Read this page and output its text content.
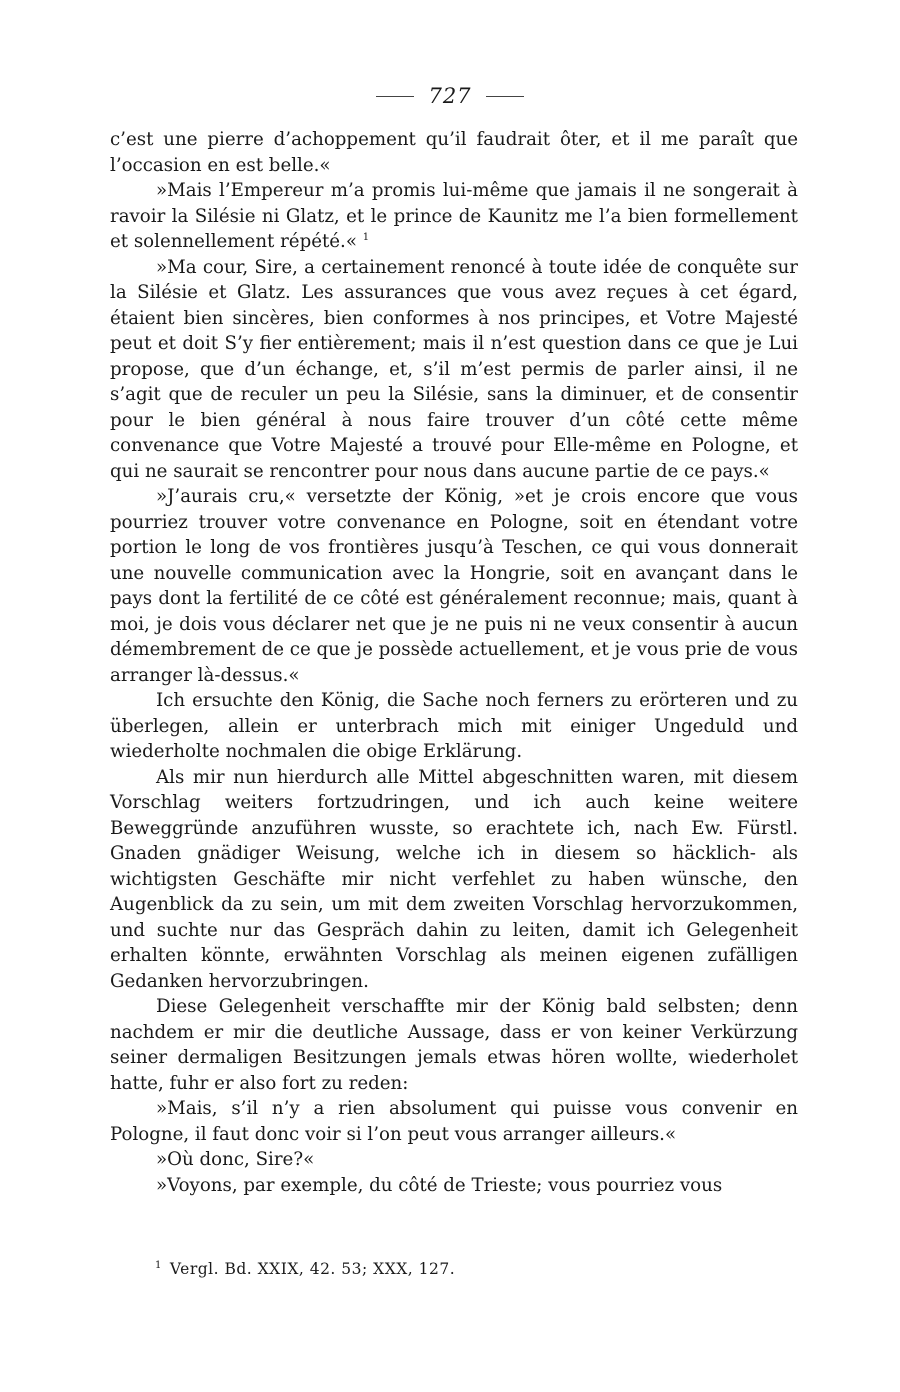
727

c’est une pierre d’achoppement qu’il faudrait ôter, et il me paraît que l’occasion en est belle.«

»Mais l’Empereur m’a promis lui-même que jamais il ne songerait à ravoir la Silésie ni Glatz, et le prince de Kaunitz me l’a bien formellement et solennellement répété.« $^1$

»Ma cour, Sire, a certainement renoncé à toute idée de conquête sur la Silésie et Glatz. Les assurances que vous avez reçues à cet égard, étaient bien sincères, bien conformes à nos principes, et Votre Majesté peut et doit S’y fier entièrement; mais il n’est question dans ce que je Lui propose, que d’un échange, et, s’il m’est permis de parler ainsi, il ne s’agit que de reculer un peu la Silésie, sans la diminuer, et de consentir pour le bien général à nous faire trouver d’un côté cette même convenance que Votre Majesté a trouvé pour Elle-même en Pologne, et qui ne saurait se rencontrer pour nous dans aucune partie de ce pays.«

»J’aurais cru,« versetzte der König, »et je crois encore que vous pourriez trouver votre convenance en Pologne, soit en étendant votre portion le long de vos frontières jusqu’à Teschen, ce qui vous donnerait une nouvelle communication avec la Hongrie, soit en avançant dans le pays dont la fertilité de ce côté est généralement reconnue; mais, quant à moi, je dois vous déclarer net que je ne puis ni ne veux consentir à aucun démembrement de ce que je possède actuellement, et je vous prie de vous arranger là-dessus.«

Ich ersuchte den König, die Sache noch ferners zu erörteren und zu überlegen, allein er unterbrach mich mit einiger Ungeduld und wiederholte nochmalen die obige Erklärung.

Als mir nun hierdurch alle Mittel abgeschnitten waren, mit diesem Vorschlag weiters fortzudringen, und ich auch keine weitere Beweggründe anzuführen wusste, so erachtete ich, nach Ew. Fürstl. Gnaden gnädiger Weisung, welche ich in diesem so häcklich- als wichtigsten Geschäfte mir nicht verfehlet zu haben wünsche, den Augenblick da zu sein, um mit dem zweiten Vorschlag hervorzukommen, und suchte nur das Gespräch dahin zu leiten, damit ich Gelegenheit erhalten könnte, erwähnten Vorschlag als meinen eigenen zufälligen Gedanken hervorzubringen.

Diese Gelegenheit verschaffte mir der König bald selbsten; denn nachdem er mir die deutliche Aussage, dass er von keiner Verkürzung seiner dermaligen Besitzungen jemals etwas hören wollte, wiederholet hatte, fuhr er also fort zu reden:

»Mais, s’il n’y a rien absolument qui puisse vous convenir en Pologne, il faut donc voir si l’on peut vous arranger ailleurs.«

»Où donc, Sire?«

»Voyons, par exemple, du côté de Trieste; vous pourriez vous

$^1$ Vergl. Bd. XXIX, 42. 53; XXX, 127.
